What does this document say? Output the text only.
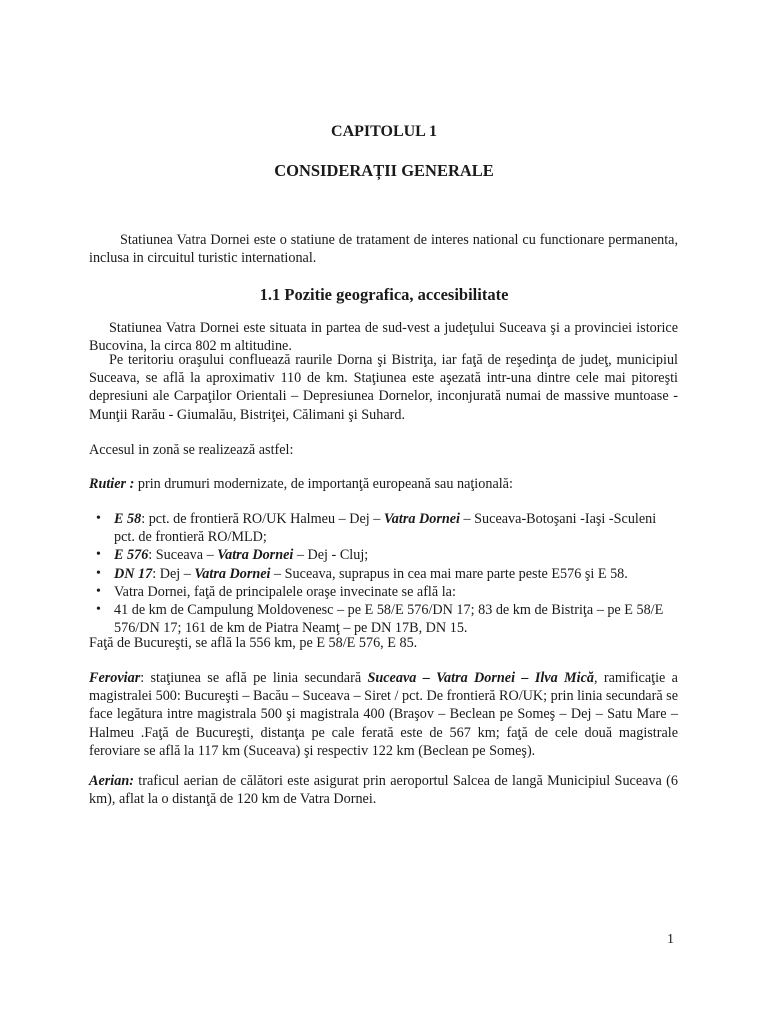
CAPITOLUL 1
CONSIDERAȚII GENERALE
Statiunea Vatra Dornei este o statiune de tratament de interes national cu functionare permanenta, inclusa in circuitul turistic international.
1.1 Pozitie geografica, accesibilitate
Statiunea Vatra Dornei este situata in partea de sud-vest a judeţului Suceava şi a provinciei istorice Bucovina, la circa 802 m altitudine.
Pe teritoriu oraşului confluează raurile Dorna şi Bistriţa, iar faţă de reşedinţa de judeţ, municipiul Suceava, se află la aproximativ 110 de km. Staţiunea este aşezată intr-una dintre cele mai pitoreşti depresiuni ale Carpaţilor Orientali – Depresiunea Dornelor, inconjurată numai de massive muntoase - Munţii Rarău - Giumalău, Bistriţei, Călimani şi Suhard.
Accesul in zonă se realizează astfel:
Rutier : prin drumuri modernizate, de importanţă europeană sau naţională:
• E 58: pct. de frontieră RO/UK Halmeu – Dej – Vatra Dornei – Suceava-Botoşani -Iaşi -Sculeni pct. de frontieră RO/MLD;
• E 576: Suceava – Vatra Dornei – Dej - Cluj;
• DN 17: Dej – Vatra Dornei – Suceava, suprapus in cea mai mare parte peste E576 şi E 58.
• Vatra Dornei, faţă de principalele oraşe invecinate se află la:
• 41 de km de Campulung Moldovenesc – pe E 58/E 576/DN 17; 83 de km de Bistriţa – pe E 58/E 576/DN 17; 161 de km de Piatra Neamţ – pe DN 17B, DN 15.
Faţă de Bucureşti, se află la 556 km, pe E 58/E 576, E 85.
Feroviar: staţiunea se află pe linia secundară Suceava – Vatra Dornei – Ilva Mică, ramificaţie a magistralei 500: Bucureşti – Bacău – Suceava – Siret / pct. De frontieră RO/UK; prin linia secundară se face legătura intre magistrala 500 şi magistrala 400 (Braşov – Beclean pe Someş – Dej – Satu Mare – Halmeu .Faţă de Bucureşti, distanţa pe cale ferată este de 567 km; faţă de cele două magistrale feroviare se află la 117 km (Suceava) şi respectiv 122 km (Beclean pe Someş).
Aerian: traficul aerian de călători este asigurat prin aeroportul Salcea de langă Municipiul Suceava (6 km), aflat la o distanţă de 120 km de Vatra Dornei.
1
